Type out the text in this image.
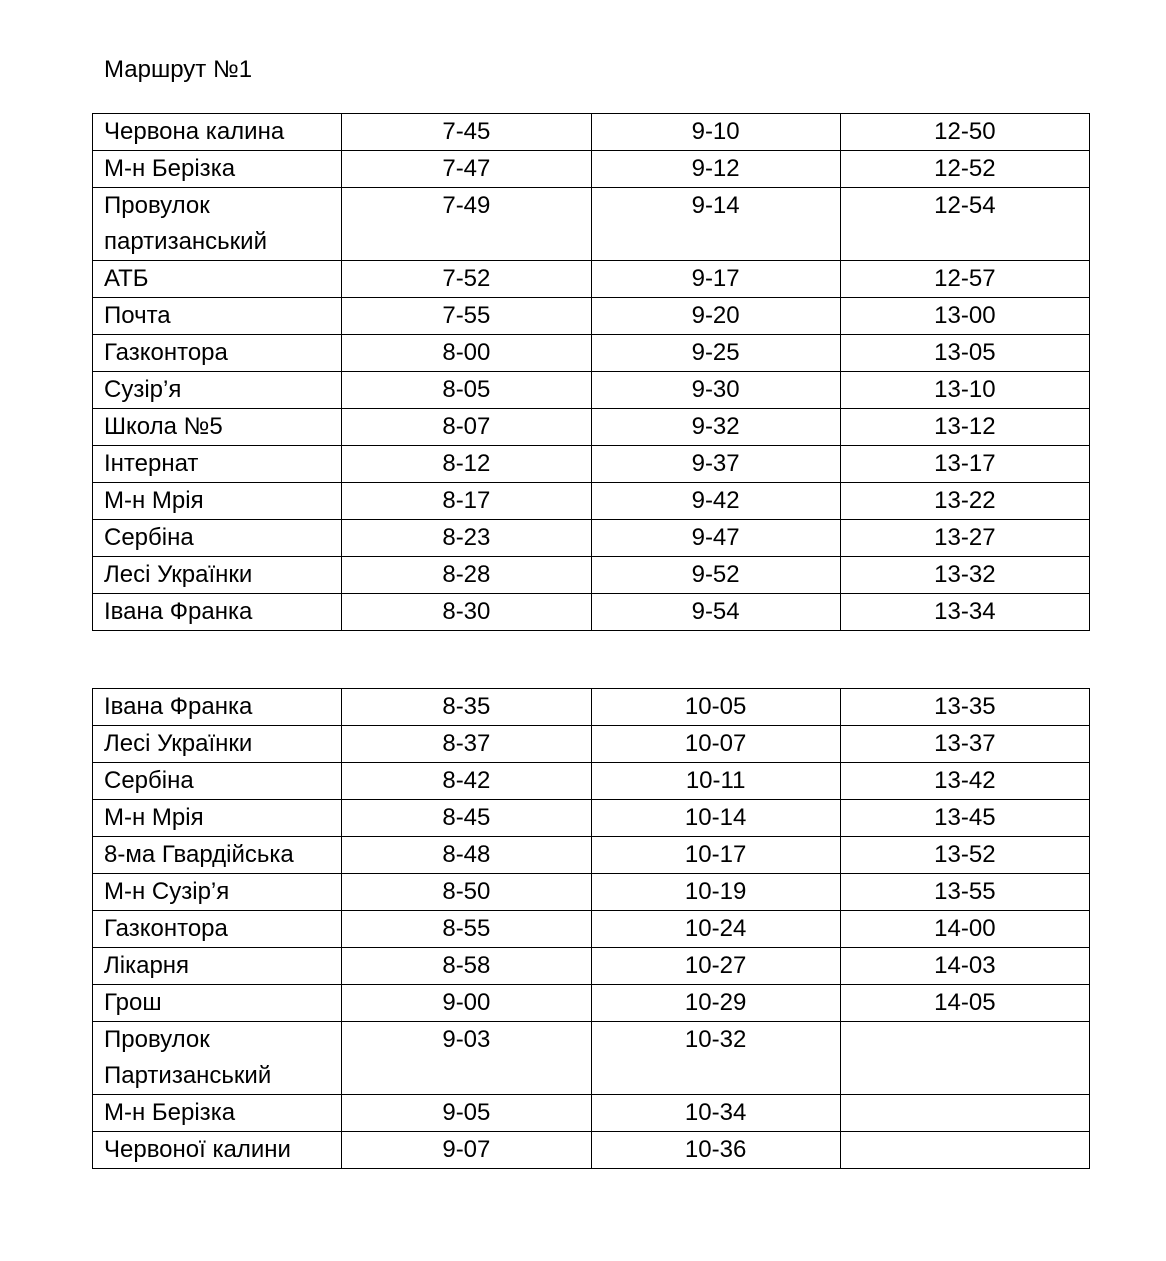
Маршрут №1
Червона калина	7-45	9-10	12-50
М-н Берізка	7-47	9-12	12-52
Провулок партизанський	7-49	9-14	12-54
АТБ	7-52	9-17	12-57
Почта	7-55	9-20	13-00
Газконтора	8-00	9-25	13-05
Сузір’я	8-05	9-30	13-10
Школа №5	8-07	9-32	13-12
Інтернат	8-12	9-37	13-17
М-н Мрія	8-17	9-42	13-22
Сербіна	8-23	9-47	13-27
Лесі Українки	8-28	9-52	13-32
Івана Франка	8-30	9-54	13-34
Івана Франка	8-35	10-05	13-35
Лесі Українки	8-37	10-07	13-37
Сербіна	8-42	10-11	13-42
М-н Мрія	8-45	10-14	13-45
8-ма Гвардійська	8-48	10-17	13-52
М-н Сузір’я	8-50	10-19	13-55
Газконтора	8-55	10-24	14-00
Лікарня	8-58	10-27	14-03
Грош	9-00	10-29	14-05
Провулок Партизанський	9-03	10-32	
М-н Берізка	9-05	10-34	
Червоної калини	9-07	10-36	
